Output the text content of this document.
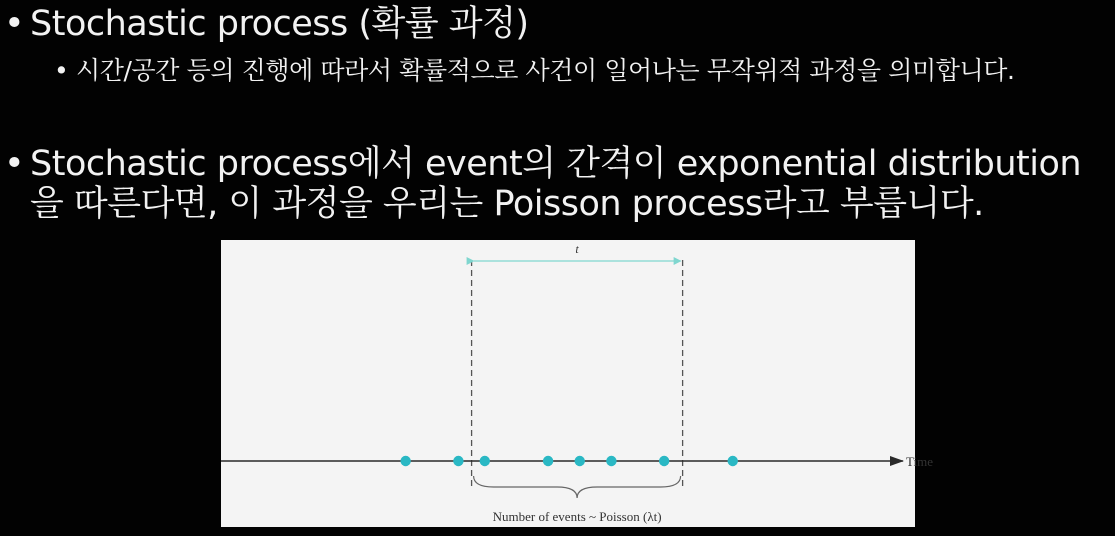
• Stochastic process (확률 과정)
• 시간/공간 등의 진행에 따라서 확률적으로 사건이 일어나는 무작위적 과정을 의미합니다.
• Stochastic process에서 event의 간격이 exponential distribution을 따른다면, 이 과정을 우리는 Poisson process라고 부릅니다.
t
Time
Number of events ~ Poisson (λt)
